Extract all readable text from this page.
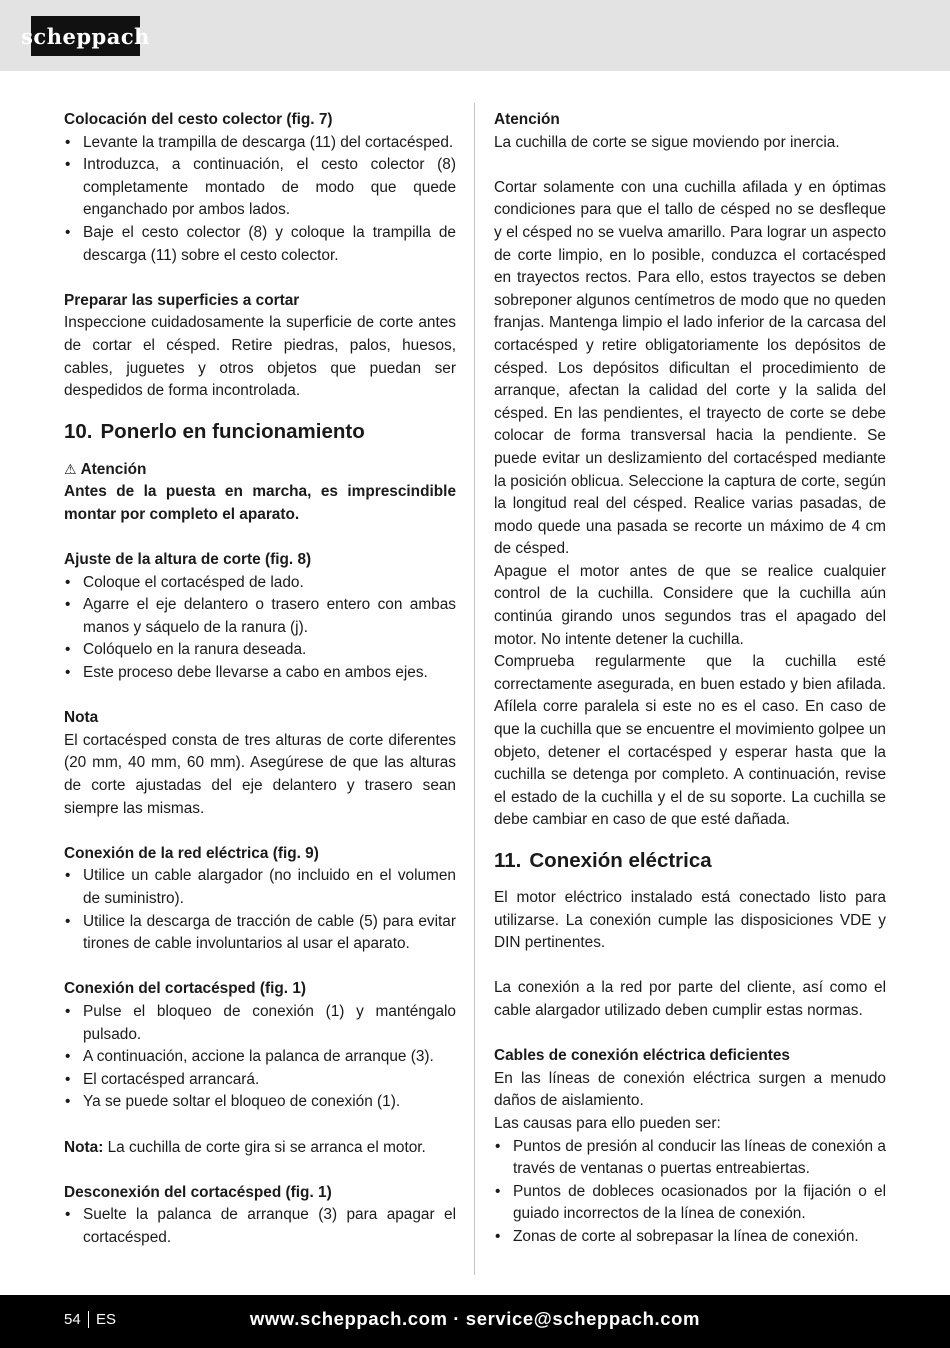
scheppach

Colocación del cesto colector (fig. 7)

• Levante la trampilla de descarga (11) del cortacésped.
• Introduzca, a continuación, el cesto colector (8) completamente montado de modo que quede enganchado por ambos lados.
• Baje el cesto colector (8) y coloque la trampilla de descarga (11) sobre el cesto colector.

Preparar las superficies a cortar

Inspeccione cuidadosamente la superficie de corte antes de cortar el césped. Retire piedras, palos, huesos, cables, juguetes y otros objetos que puedan ser despedidos de forma incontrolada.

10. Ponerlo en funcionamiento

⚠ Atención

Antes de la puesta en marcha, es imprescindible montar por completo el aparato.

Ajuste de la altura de corte (fig. 8)

• Coloque el cortacésped de lado.
• Agarre el eje delantero o trasero entero con ambas manos y sáquelo de la ranura (j).
• Colóquelo en la ranura deseada.
• Este proceso debe llevarse a cabo en ambos ejes.

Nota

El cortacésped consta de tres alturas de corte diferentes (20 mm, 40 mm, 60 mm). Asegúrese de que las alturas de corte ajustadas del eje delantero y trasero sean siempre las mismas.

Conexión de la red eléctrica (fig. 9)

• Utilice un cable alargador (no incluido en el volumen de suministro).
• Utilice la descarga de tracción de cable (5) para evitar tirones de cable involuntarios al usar el aparato.

Conexión del cortacésped (fig. 1)

• Pulse el bloqueo de conexión (1) y manténgalo pulsado.
• A continuación, accione la palanca de arranque (3).
• El cortacésped arrancará.
• Ya se puede soltar el bloqueo de conexión (1).

Nota: La cuchilla de corte gira si se arranca el motor.

Desconexión del cortacésped (fig. 1)

• Suelte la palanca de arranque (3) para apagar el cortacésped.

Atención

La cuchilla de corte se sigue moviendo por inercia.

Cortar solamente con una cuchilla afilada y en óptimas condiciones para que el tallo de césped no se desfleque y el césped no se vuelva amarillo. Para lograr un aspecto de corte limpio, en lo posible, conduzca el cortacésped en trayectos rectos. Para ello, estos trayectos se deben sobreponer algunos centímetros de modo que no queden franjas. Mantenga limpio el lado inferior de la carcasa del cortacésped y retire obligatoriamente los depósitos de césped. Los depósitos dificultan el procedimiento de arranque, afectan la calidad del corte y la salida del césped. En las pendientes, el trayecto de corte se debe colocar de forma transversal hacia la pendiente. Se puede evitar un deslizamiento del cortacésped mediante la posición oblicua. Seleccione la captura de corte, según la longitud real del césped. Realice varias pasadas, de modo quede una pasada se recorte un máximo de 4 cm de césped.

Apague el motor antes de que se realice cualquier control de la cuchilla. Considere que la cuchilla aún continúa girando unos segundos tras el apagado del motor. No intente detener la cuchilla.

Comprueba regularmente que la cuchilla esté correctamente asegurada, en buen estado y bien afilada. Afílela corre paralela si este no es el caso. En caso de que la cuchilla que se encuentre el movimiento golpee un objeto, detener el cortacésped y esperar hasta que la cuchilla se detenga por completo. A continuación, revise el estado de la cuchilla y el de su soporte. La cuchilla se debe cambiar en caso de que esté dañada.

11. Conexión eléctrica

El motor eléctrico instalado está conectado listo para utilizarse. La conexión cumple las disposiciones VDE y DIN pertinentes.

La conexión a la red por parte del cliente, así como el cable alargador utilizado deben cumplir estas normas.

Cables de conexión eléctrica deficientes

En las líneas de conexión eléctrica surgen a menudo daños de aislamiento.

Las causas para ello pueden ser:

• Puntos de presión al conducir las líneas de conexión a través de ventanas o puertas entreabiertas.
• Puntos de dobleces ocasionados por la fijación o el guiado incorrectos de la línea de conexión.
• Zonas de corte al sobrepasar la línea de conexión.
54 ES	www.scheppach.com · service@scheppach.com
